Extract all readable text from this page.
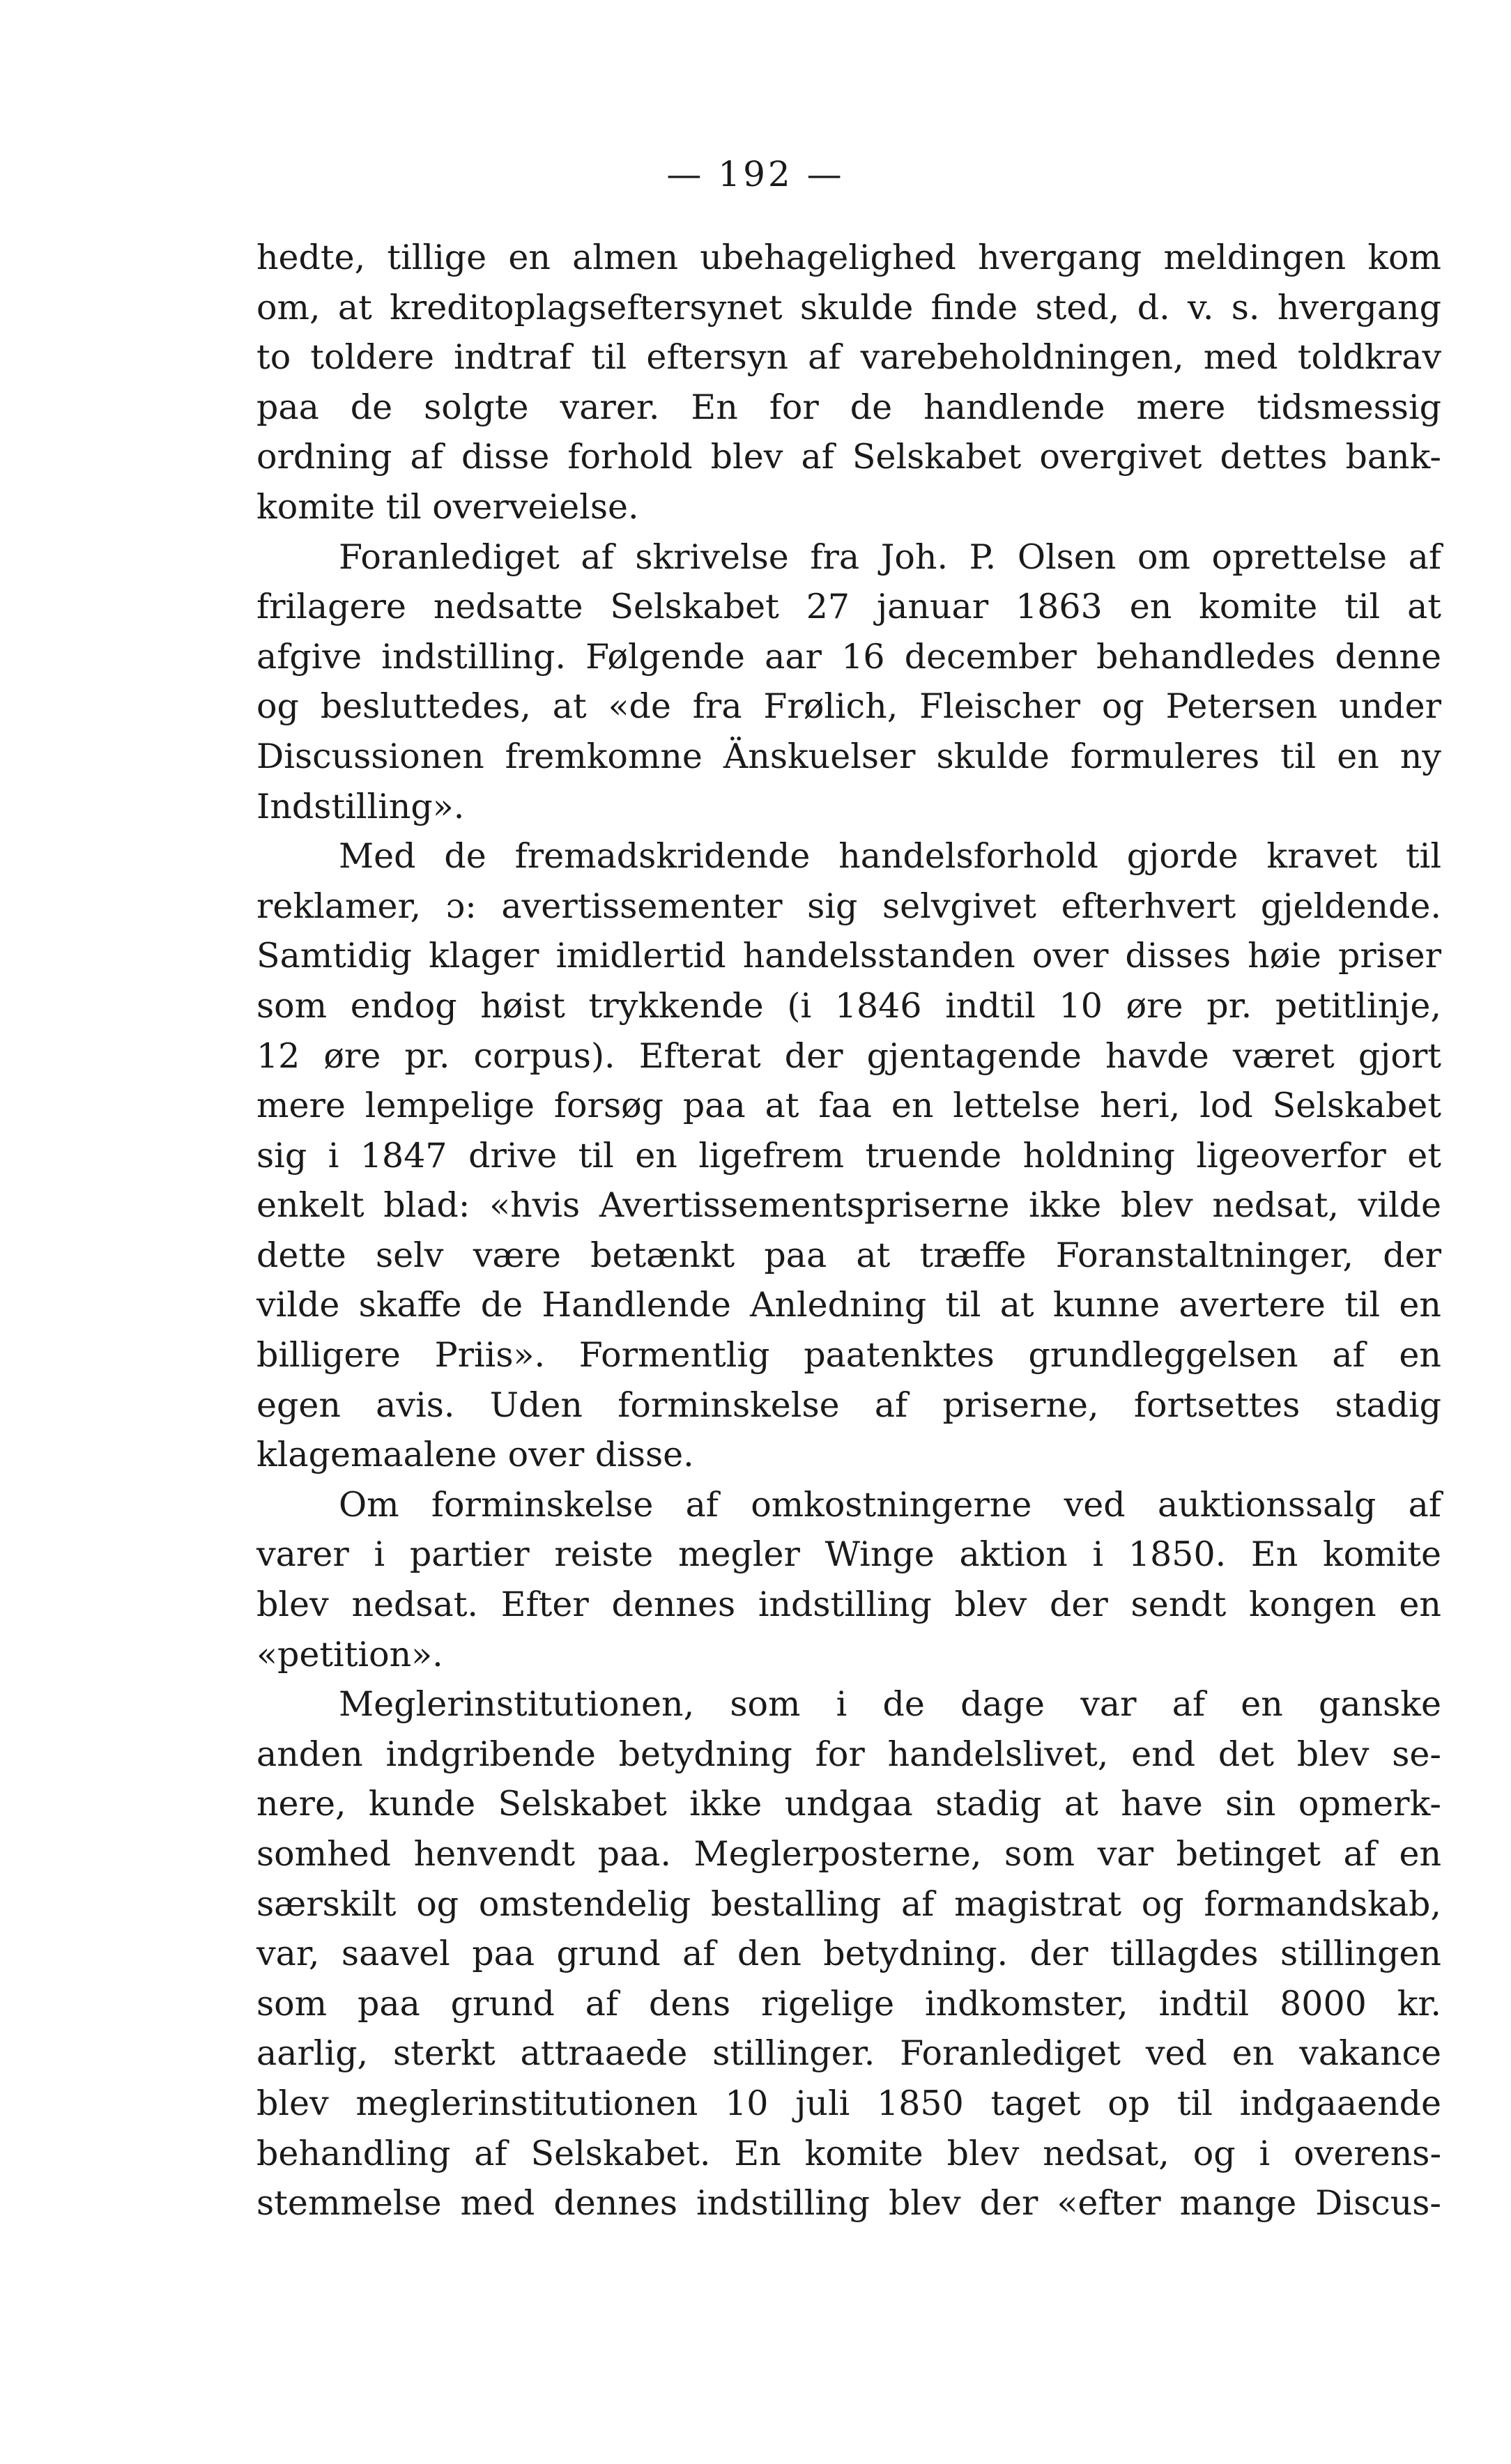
— 192 —
hedte, tillige en almen ubehagelighed hvergang meldingen kom
om, at kreditoplagseftersynet skulde finde sted, d. v. s. hvergang
to toldere indtraf til eftersyn af varebeholdningen, med toldkrav
paa de solgte varer. En for de handlende mere tidsmessig
ordning af disse forhold blev af Selskabet overgivet dettes bank-
komite til overveielse.
Foranlediget af skrivelse fra Joh. P. Olsen om oprettelse af
frilagere nedsatte Selskabet 27 januar 1863 en komite til at
afgive indstilling. Følgende aar 16 december behandledes denne
og besluttedes, at «de fra Frølich, Fleischer og Petersen under
Discussionen fremkomne Änskuelser skulde formuleres til en ny
Indstilling».
Med de fremadskridende handelsforhold gjorde kravet til
reklamer, ɔ: avertissementer sig selvgivet efterhvert gjeldende.
Samtidig klager imidlertid handelsstanden over disses høie priser
som endog høist trykkende (i 1846 indtil 10 øre pr. petitlinje,
12 øre pr. corpus). Efterat der gjentagende havde været gjort
mere lempelige forsøg paa at faa en lettelse heri, lod Selskabet
sig i 1847 drive til en ligefrem truende holdning ligeoverfor et
enkelt blad: «hvis Avertissementspriserne ikke blev nedsat, vilde
dette selv være betænkt paa at træffe Foranstaltninger, der
vilde skaffe de Handlende Anledning til at kunne avertere til en
billigere Priis». Formentlig paatenktes grundleggelsen af en
egen avis. Uden forminskelse af priserne, fortsettes stadig
klagemaalene over disse.
Om forminskelse af omkostningerne ved auktionssalg af
varer i partier reiste megler Winge aktion i 1850. En komite
blev nedsat. Efter dennes indstilling blev der sendt kongen en
«petition».
Meglerinstitutionen, som i de dage var af en ganske
anden indgribende betydning for handelslivet, end det blev se-
nere, kunde Selskabet ikke undgaa stadig at have sin opmerk-
somhed henvendt paa. Meglerposterne, som var betinget af en
særskilt og omstendelig bestalling af magistrat og formandskab,
var, saavel paa grund af den betydning. der tillagdes stillingen
som paa grund af dens rigelige indkomster, indtil 8000 kr.
aarlig, sterkt attraaede stillinger. Foranlediget ved en vakance
blev meglerinstitutionen 10 juli 1850 taget op til indgaaende
behandling af Selskabet. En komite blev nedsat, og i overens-
stemmelse med dennes indstilling blev der «efter mange Discus-
